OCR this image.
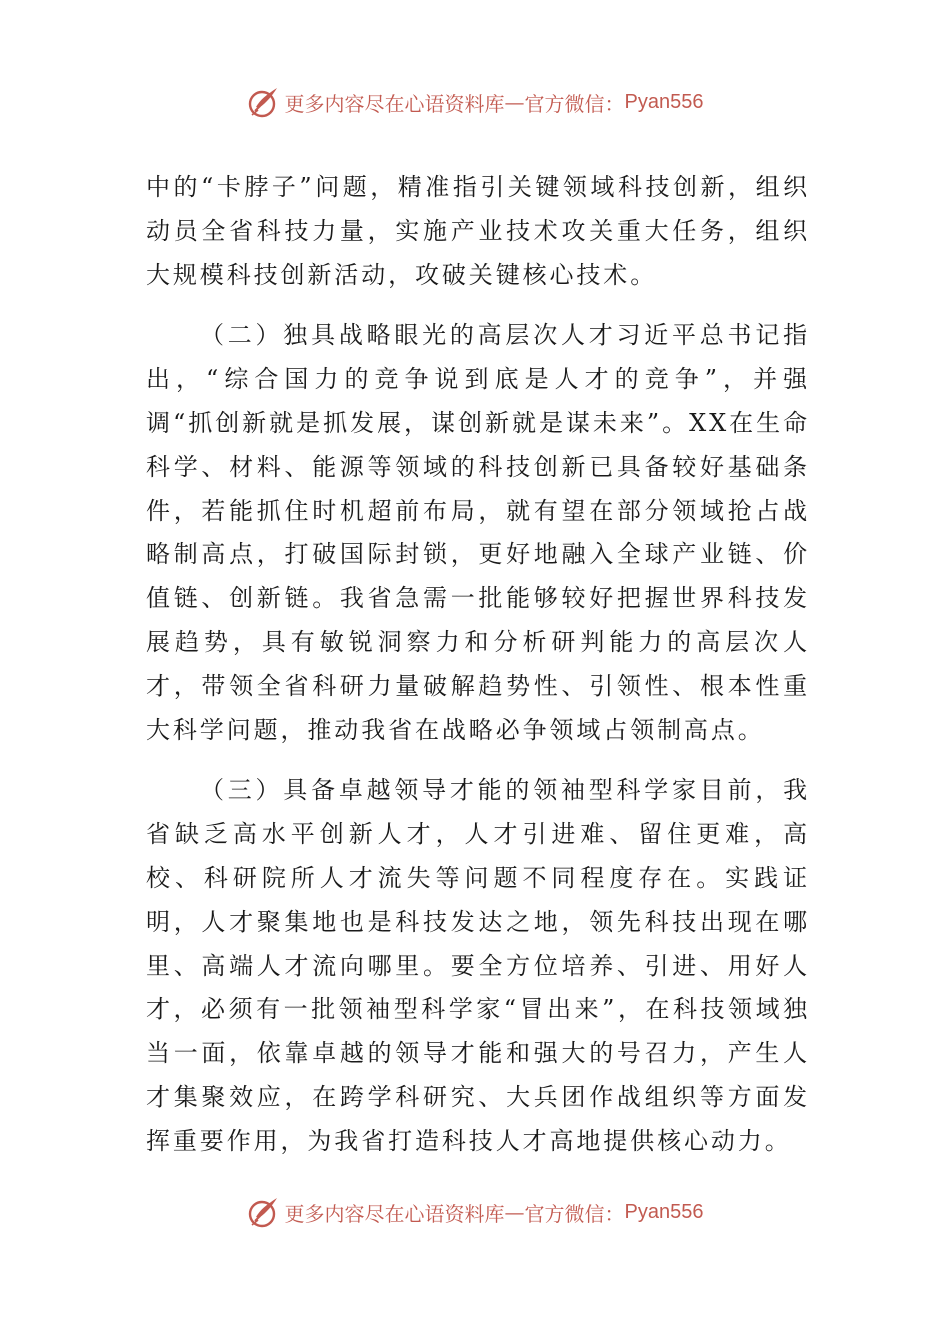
更多内容尽在心语资料库 — 官方微信： Pyan556

中的“卡脖子”问题，精准指引关键领域科技创新，组织动员全省科技力量，实施产业技术攻关重大任务，组织大规模科技创新活动，攻破关键核心技术。

（二）独具战略眼光的高层次人才习近平总书记指出，“综合国力的竞争说到底是人才的竞争”，并强调“抓创新就是抓发展，谋创新就是谋未来”。XX在生命科学、材料、能源等领域的科技创新已具备较好基础条件，若能抓住时机超前布局，就有望在部分领域抢占战略制高点，打破国际封锁，更好地融入全球产业链、价值链、创新链。我省急需一批能够较好把握世界科技发展趋势，具有敏锐洞察力和分析研判能力的高层次人才，带领全省科研力量破解趋势性、引领性、根本性重大科学问题，推动我省在战略必争领域占领制高点。

（三）具备卓越领导才能的领袖型科学家目前，我省缺乏高水平创新人才，人才引进难、留住更难，高校、科研院所人才流失等问题不同程度存在。实践证明，人才聚集地也是科技发达之地，领先科技出现在哪里、高端人才流向哪里。要全方位培养、引进、用好人才，必须有一批领袖型科学家“冒出来”，在科技领域独当一面，依靠卓越的领导才能和强大的号召力，产生人才集聚效应，在跨学科研究、大兵团作战组织等方面发挥重要作用，为我省打造科技人才高地提供核心动力。

更多内容尽在心语资料库 — 官方微信： Pyan556
